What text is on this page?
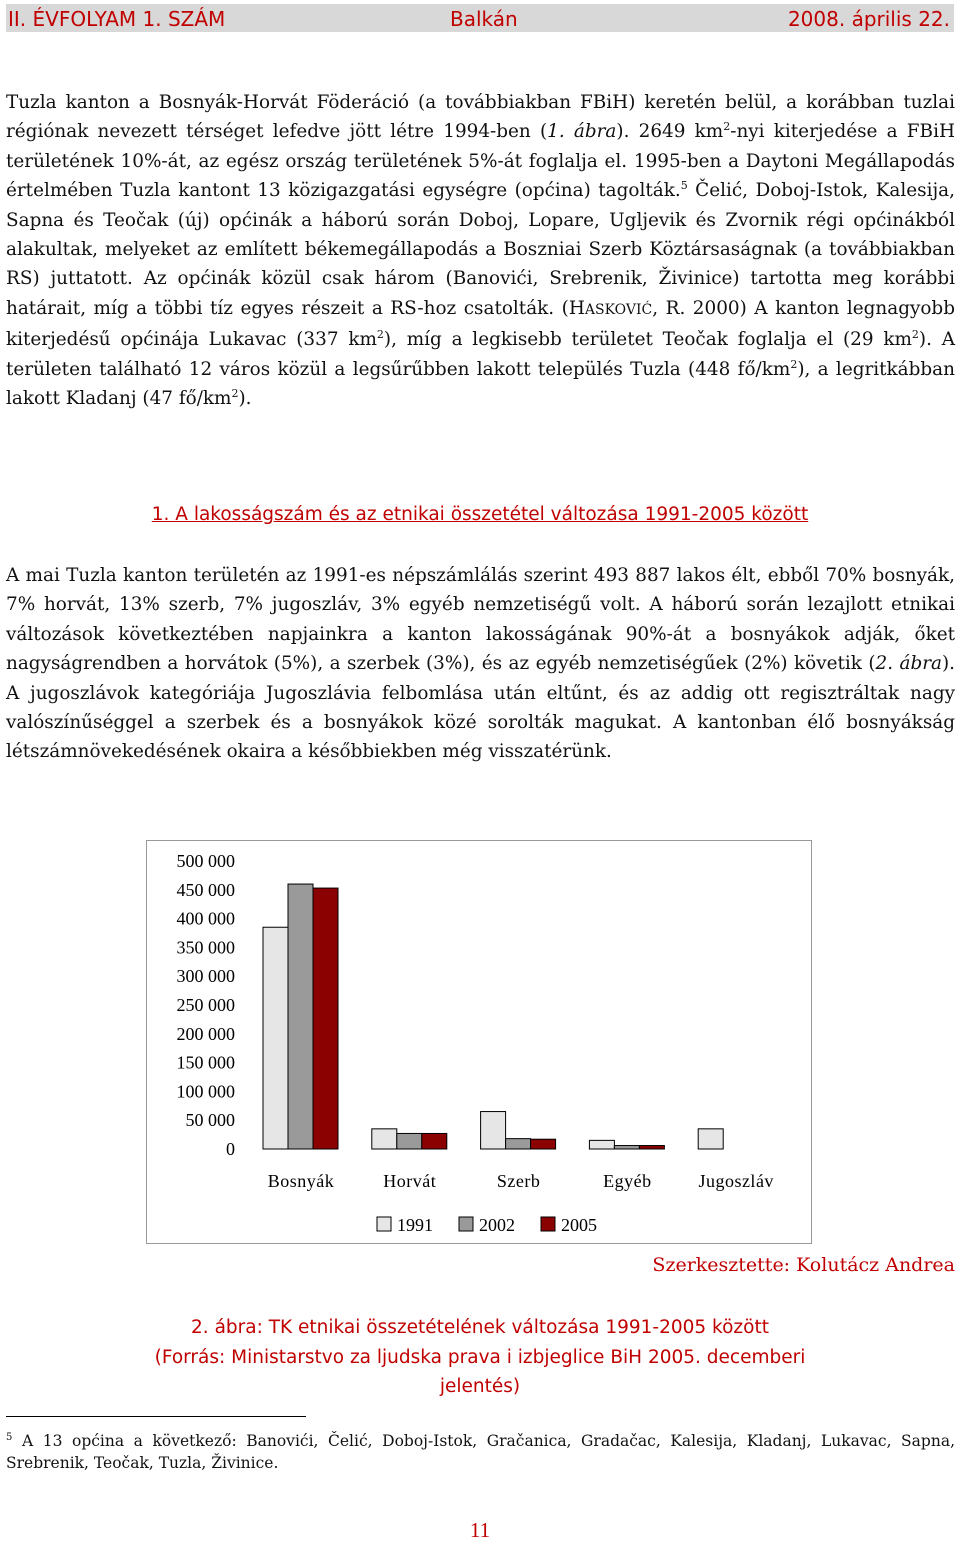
II. ÉVFOLYAM 1. SZÁM	Balkán	2008. április 22.
Tuzla kanton a Bosnyák-Horvát Föderáció (a továbbiakban FBiH) keretén belül, a korábban tuzlai régiónak nevezett térséget lefedve jött létre 1994-ben (1. ábra). 2649 $km^2$-nyi kiterjedése a FBiH területének 10%-át, az egész ország területének 5%-át foglalja el. 1995-ben a Daytoni Megállapodás értelmében Tuzla kantont 13 közigazgatási egységre (općina) tagolták.$^5$ Čelić, Doboj-Istok, Kalesija, Sapna és Teočak (új) općinák a háború során Doboj, Lopare, Ugljevik és Zvornik régi općinákból alakultak, melyeket az említett békemegállapodás a Boszniai Szerb Köztársaságnak (a továbbiakban RS) juttatott. Az općinák közül csak három (Banovići, Srebrenik, Živinice) tartotta meg korábbi határait, míg a többi tíz egyes részeit a RS-hoz csatolták. (HASKOVIĆ, R. 2000) A kanton legnagyobb kiterjedésű općinája Lukavac (337 $km^2$), míg a legkisebb területet Teočak foglalja el (29 $km^2$). A területen található 12 város közül a legsűrűbben lakott település Tuzla (448 $fő/km^2$), a legritkábban lakott Kladanj (47 $fő/km^2$).
1. A lakosságszám és az etnikai összetétel változása 1991-2005 között
A mai Tuzla kanton területén az 1991-es népszámlálás szerint 493 887 lakos élt, ebből 70% bosnyák, 7% horvát, 13% szerb, 7% jugoszláv, 3% egyéb nemzetiségű volt. A háború során lezajlott etnikai változások következtében napjainkra a kanton lakosságának 90%-át a bosnyákok adják, őket nagyságrendben a horvátok (5%), a szerbek (3%), és az egyéb nemzetiségűek (2%) követik (2. ábra). A jugoszlávok kategóriája Jugoszlávia felbomlása után eltűnt, és az addig ott regisztráltak nagy valószínűséggel a szerbek és a bosnyákok közé sorolták magukat. A kantonban élő bosnyákság létszámnövekedésének okaira a későbbiekben még visszatérünk.
500 000
450 000
400 000
350 000
300 000
250 000
200 000
150 000
100 000
50 000
0
Bosnyák	Horvát	Szerb	Egyéb	Jugoszláv
1991	2002	2005
Szerkesztette: Kolutácz Andrea
2. ábra: TK etnikai összetételének változása 1991-2005 között
(Forrás: Ministarstvo za ljudska prava i izbjeglice BiH 2005. decemberi
jelentés)
$^5$ A 13 općina a következő: Banovići, Čelić, Doboj-Istok, Gračanica, Gradačac, Kalesija, Kladanj, Lukavac, Sapna, Srebrenik, Teočak, Tuzla, Živinice.
11
